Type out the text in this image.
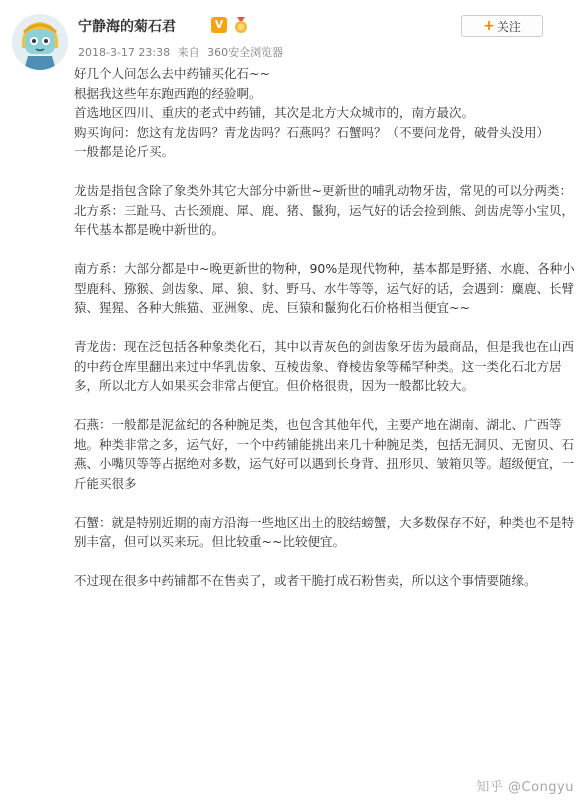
宁静海的菊石君	V	+ 关注
2018-3-17 23:38 来自 360安全浏览器

好几个人问怎么去中药铺买化石~~

根据我这些年东跑西跑的经验啊。

首选地区四川、重庆的老式中药铺，其次是北方大众城市的，南方最次。

购买询问：您这有龙齿吗？青龙齿吗？石燕吗？石蟹吗？（不要问龙骨，破骨头没用）

一般都是论斤买。

龙齿是指包含除了象类外其它大部分中新世~更新世的哺乳动物牙齿，常见的可以分两类：

北方系：三趾马、古长颈鹿、犀、鹿、猪、鬣狗，运气好的话会捡到熊、剑齿虎等小宝贝，年代基本都是晚中新世的。

南方系：大部分都是中~晚更新世的物种，90%是现代物种，基本都是野猪、水鹿、各种小型鹿科、猕猴、剑齿象、犀、狼、豺、野马、水牛等等，运气好的话，会遇到：麋鹿、长臂猿、猩猩、各种大熊猫、亚洲象、虎、巨猿和鬣狗化石价格相当便宜~~

青龙齿：现在泛包括各种象类化石，其中以青灰色的剑齿象牙齿为最商品，但是我也在山西的中药仓库里翻出来过中华乳齿象、互棱齿象、脊棱齿象等稀罕种类。这一类化石北方居多，所以北方人如果买会非常占便宜。但价格很贵，因为一般都比较大。

石燕：一般都是泥盆纪的各种腕足类，也包含其他年代，主要产地在湖南、湖北、广西等地。种类非常之多，运气好，一个中药铺能挑出来几十种腕足类，包括无洞贝、无窗贝、石燕、小嘴贝等等占据绝对多数，运气好可以遇到长身背、扭形贝、皱箱贝等。超级便宜，一斤能买很多

石蟹：就是特别近期的南方沿海一些地区出土的胶结螃蟹，大多数保存不好，种类也不是特别丰富，但可以买来玩。但比较重~~比较便宜。

不过现在很多中药铺都不在售卖了，或者干脆打成石粉售卖，所以这个事情要随缘。

知乎 @Congyu
